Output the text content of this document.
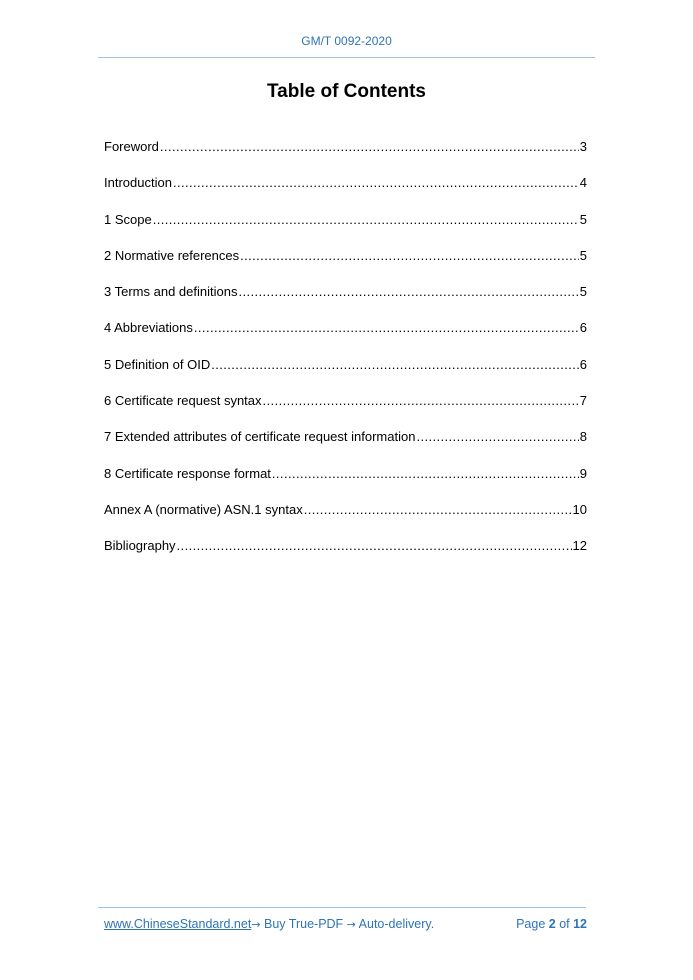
GM/T 0092-2020
Table of Contents
Foreword .....	3
Introduction .....	4
1 Scope .....	5
2 Normative references .....	5
3 Terms and definitions .....	5
4 Abbreviations .....	6
5 Definition of OID .....	6
6 Certificate request syntax .....	7
7 Extended attributes of certificate request information .....	8
8 Certificate response format .....	9
Annex A (normative) ASN.1 syntax .....	10
Bibliography .....	12
www.ChineseStandard.net→ Buy True-PDF → Auto-delivery.	Page 2 of 12
